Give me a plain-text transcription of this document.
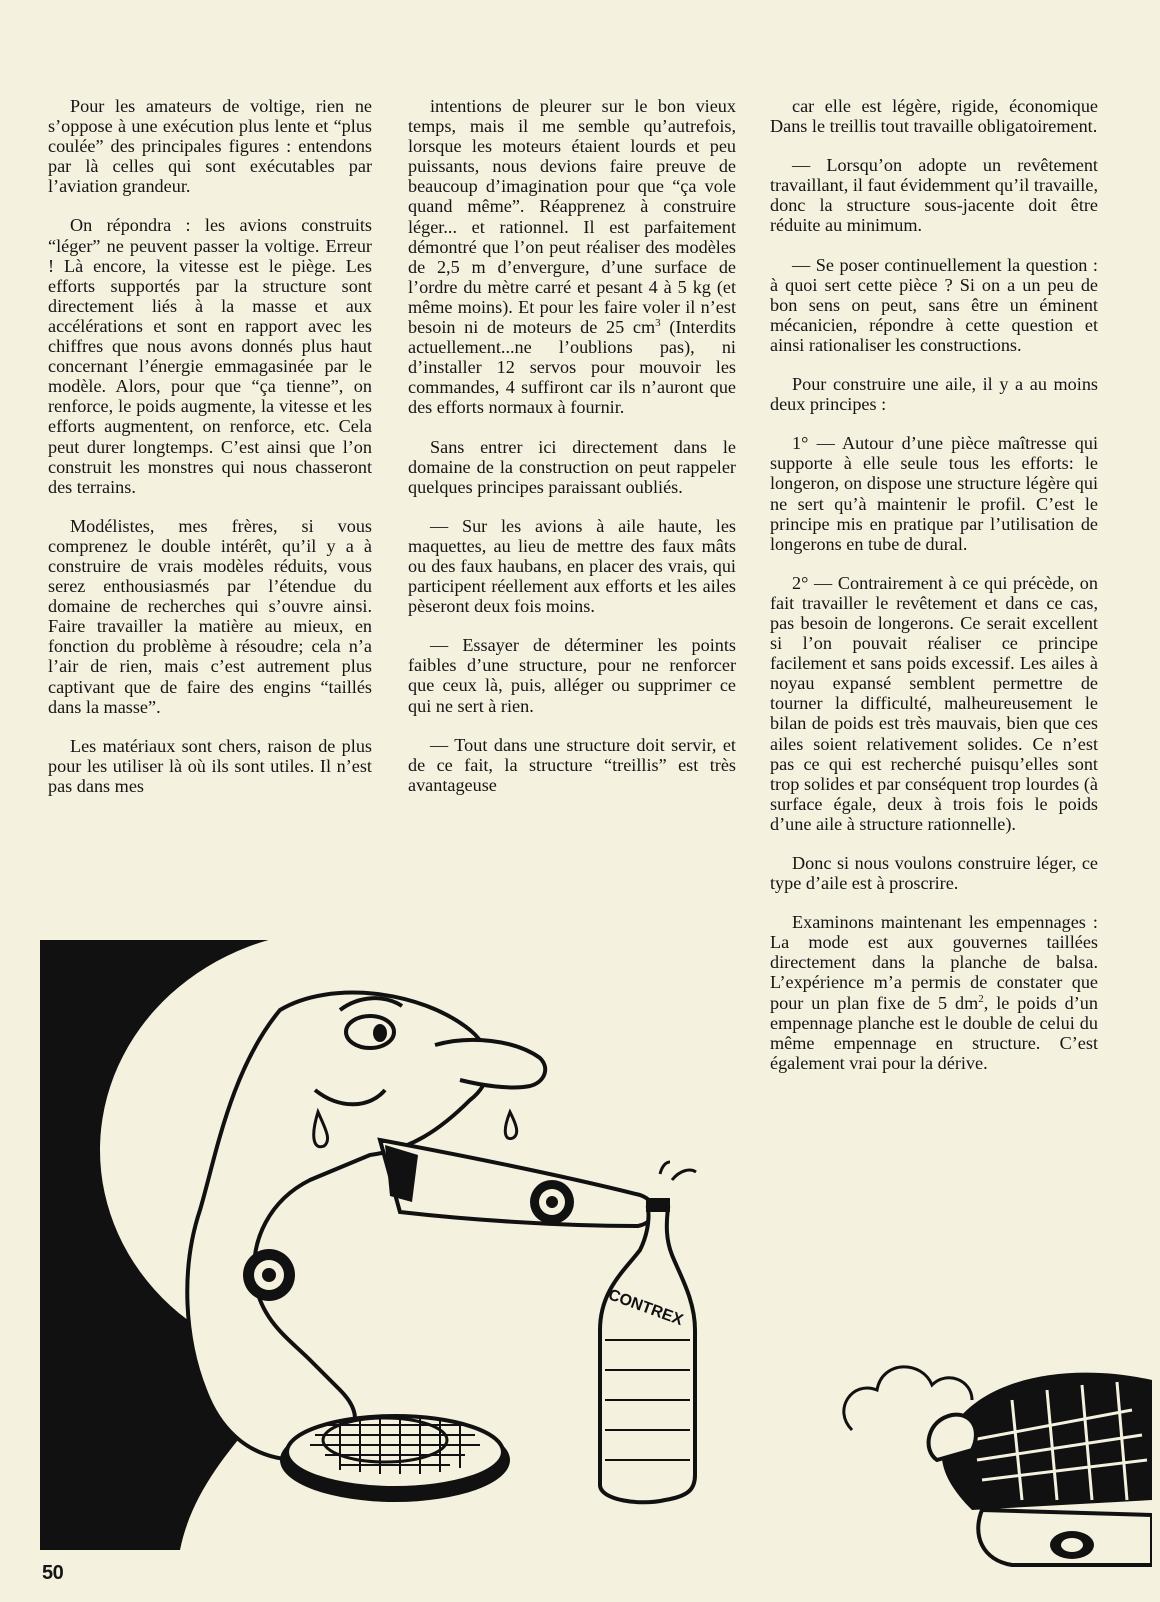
Pour les amateurs de voltige, rien ne s’oppose à une exécution plus lente et “plus coulée” des principales figures : entendons par là celles qui sont exécutables par l’aviation grandeur.

On répondra : les avions construits “léger” ne peuvent passer la voltige. Erreur ! Là encore, la vitesse est le piège. Les efforts supportés par la structure sont directement liés à la masse et aux accélérations et sont en rapport avec les chiffres que nous avons donnés plus haut concernant l’énergie emmagasinée par le modèle. Alors, pour que “ça tienne”, on renforce, le poids augmente, la vitesse et les efforts augmentent, on renforce, etc. Cela peut durer longtemps. C’est ainsi que l’on construit les monstres qui nous chasseront des terrains.

Modélistes, mes frères, si vous comprenez le double intérêt, qu’il y a à construire de vrais modèles réduits, vous serez enthousiasmés par l’étendue du domaine de recherches qui s’ouvre ainsi. Faire travailler la matière au mieux, en fonction du problème à résoudre; cela n’a l’air de rien, mais c’est autrement plus captivant que de faire des engins “taillés dans la masse”.

Les matériaux sont chers, raison de plus pour les utiliser là où ils sont utiles. Il n’est pas dans mes

intentions de pleurer sur le bon vieux temps, mais il me semble qu’autrefois, lorsque les moteurs étaient lourds et peu puissants, nous devions faire preuve de beaucoup d’imagination pour que “ça vole quand même”. Réapprenez à construire léger... et rationnel. Il est parfaitement démontré que l’on peut réaliser des modèles de 2,5 m d’envergure, d’une surface de l’ordre du mètre carré et pesant 4 à 5 kg (et même moins). Et pour les faire voler il n’est besoin ni de moteurs de 25 $cm^3$ (Interdits actuellement...ne l’oublions pas), ni d’installer 12 servos pour mouvoir les commandes, 4 suffiront car ils n’auront que des efforts normaux à fournir.

Sans entrer ici directement dans le domaine de la construction on peut rappeler quelques principes paraissant oubliés.

— Sur les avions à aile haute, les maquettes, au lieu de mettre des faux mâts ou des faux haubans, en placer des vrais, qui participent réellement aux efforts et les ailes pèseront deux fois moins.

— Essayer de déterminer les points faibles d’une structure, pour ne renforcer que ceux là, puis, alléger ou supprimer ce qui ne sert à rien.

— Tout dans une structure doit servir, et de ce fait, la structure “treillis” est très avantageuse

car elle est légère, rigide, économique Dans le treillis tout travaille obligatoirement.

— Lorsqu’on adopte un revêtement travaillant, il faut évidemment qu’il travaille, donc la structure sous-jacente doit être réduite au minimum.

— Se poser continuellement la question : à quoi sert cette pièce ? Si on a un peu de bon sens on peut, sans être un éminent mécanicien, répondre à cette question et ainsi rationaliser les constructions.

Pour construire une aile, il y a au moins deux principes :

1° — Autour d’une pièce maîtresse qui supporte à elle seule tous les efforts: le longeron, on dispose une structure légère qui ne sert qu’à maintenir le profil. C’est le principe mis en pratique par l’utilisation de longerons en tube de dural.

2° — Contrairement à ce qui précède, on fait travailler le revêtement et dans ce cas, pas besoin de longerons. Ce serait excellent si l’on pouvait réaliser ce principe facilement et sans poids excessif. Les ailes à noyau expansé semblent permettre de tourner la difficulté, malheureusement le bilan de poids est très mauvais, bien que ces ailes soient relativement solides. Ce n’est pas ce qui est recherché puisqu’elles sont trop solides et par conséquent trop lourdes (à surface égale, deux à trois fois le poids d’une aile à structure rationnelle).

Donc si nous voulons construire léger, ce type d’aile est à proscrire.

Examinons maintenant les empennages : La mode est aux gouvernes taillées directement dans la planche de balsa. L’expérience m’a permis de constater que pour un plan fixe de 5 $dm^2$, le poids d’un empennage planche est le double de celui du même empennage en structure. C’est également vrai pour la dérive.

CONTREX
50
